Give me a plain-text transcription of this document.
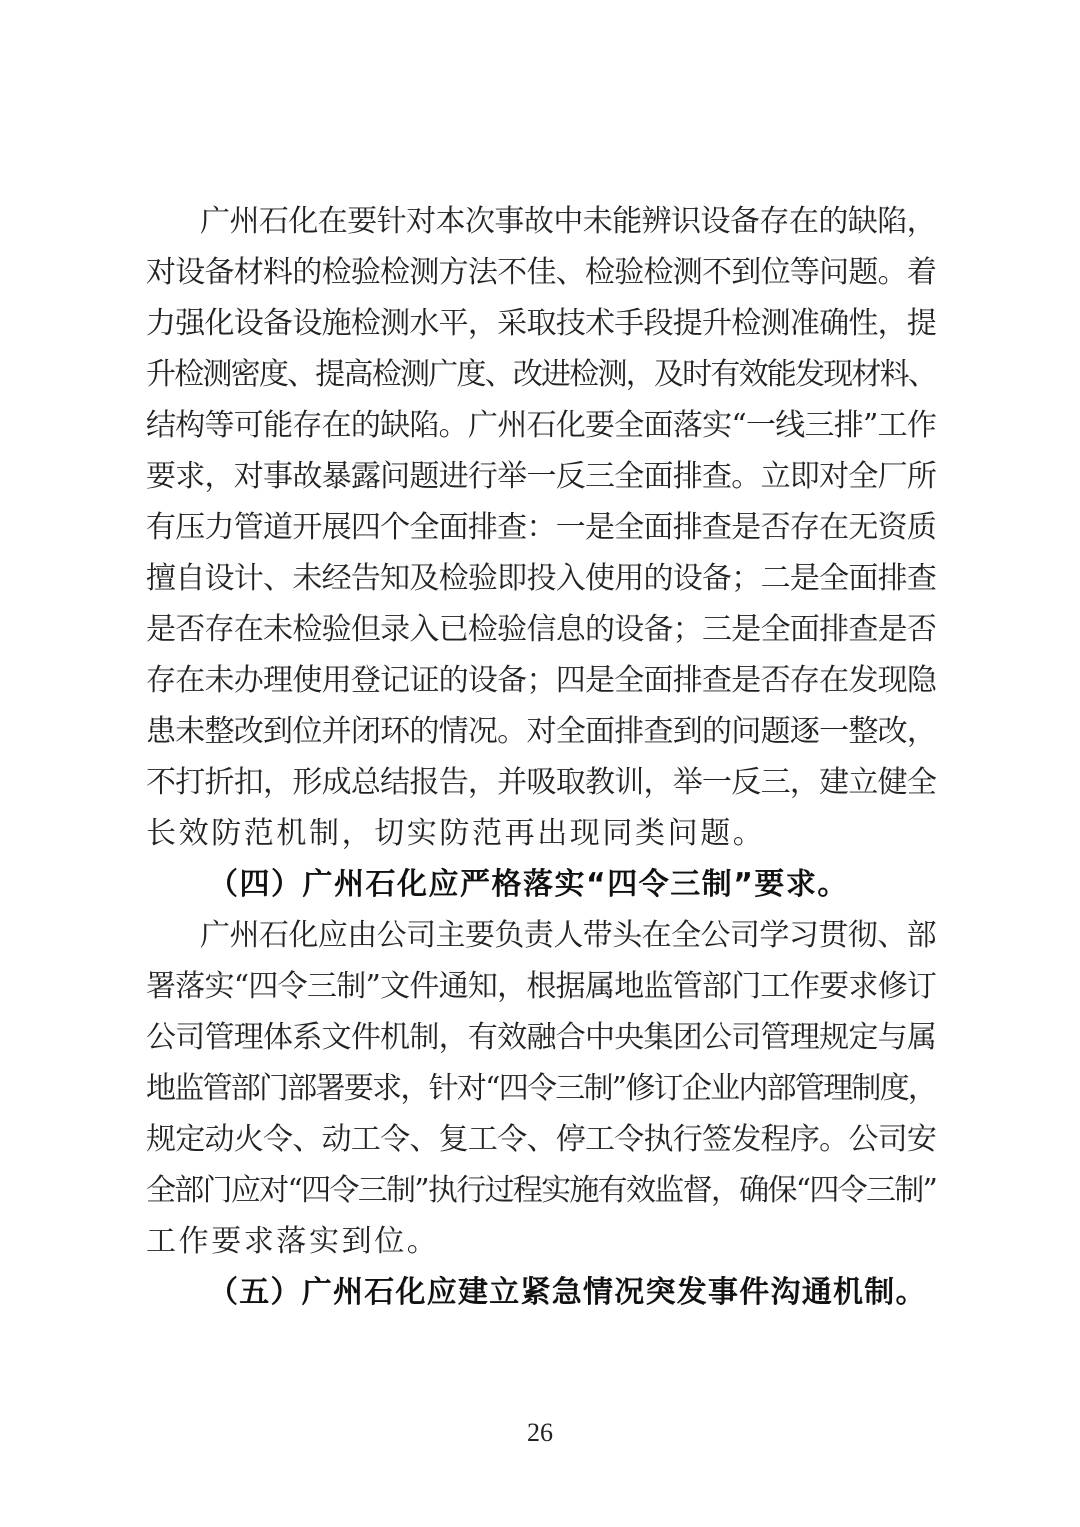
广州石化在要针对本次事故中未能辨识设备存在的缺陷，
对设备材料的检验检测方法不佳、检验检测不到位等问题。着
力强化设备设施检测水平，采取技术手段提升检测准确性，提
升检测密度、提高检测广度、改进检测，及时有效能发现材料、
结构等可能存在的缺陷。广州石化要全面落实“一线三排”工作
要求，对事故暴露问题进行举一反三全面排查。立即对全厂所
有压力管道开展四个全面排查：一是全面排查是否存在无资质
擅自设计、未经告知及检验即投入使用的设备；二是全面排查
是否存在未检验但录入已检验信息的设备；三是全面排查是否
存在未办理使用登记证的设备；四是全面排查是否存在发现隐
患未整改到位并闭环的情况。对全面排查到的问题逐一整改，
不打折扣，形成总结报告，并吸取教训，举一反三，建立健全
长效防范机制，切实防范再出现同类问题。
（四）广州石化应严格落实“四令三制”要求。
广州石化应由公司主要负责人带头在全公司学习贯彻、部
署落实“四令三制”文件通知，根据属地监管部门工作要求修订
公司管理体系文件机制，有效融合中央集团公司管理规定与属
地监管部门部署要求，针对“四令三制”修订企业内部管理制度，
规定动火令、动工令、复工令、停工令执行签发程序。公司安
全部门应对“四令三制”执行过程实施有效监督，确保“四令三制”
工作要求落实到位。
（五）广州石化应建立紧急情况突发事件沟通机制。
26
